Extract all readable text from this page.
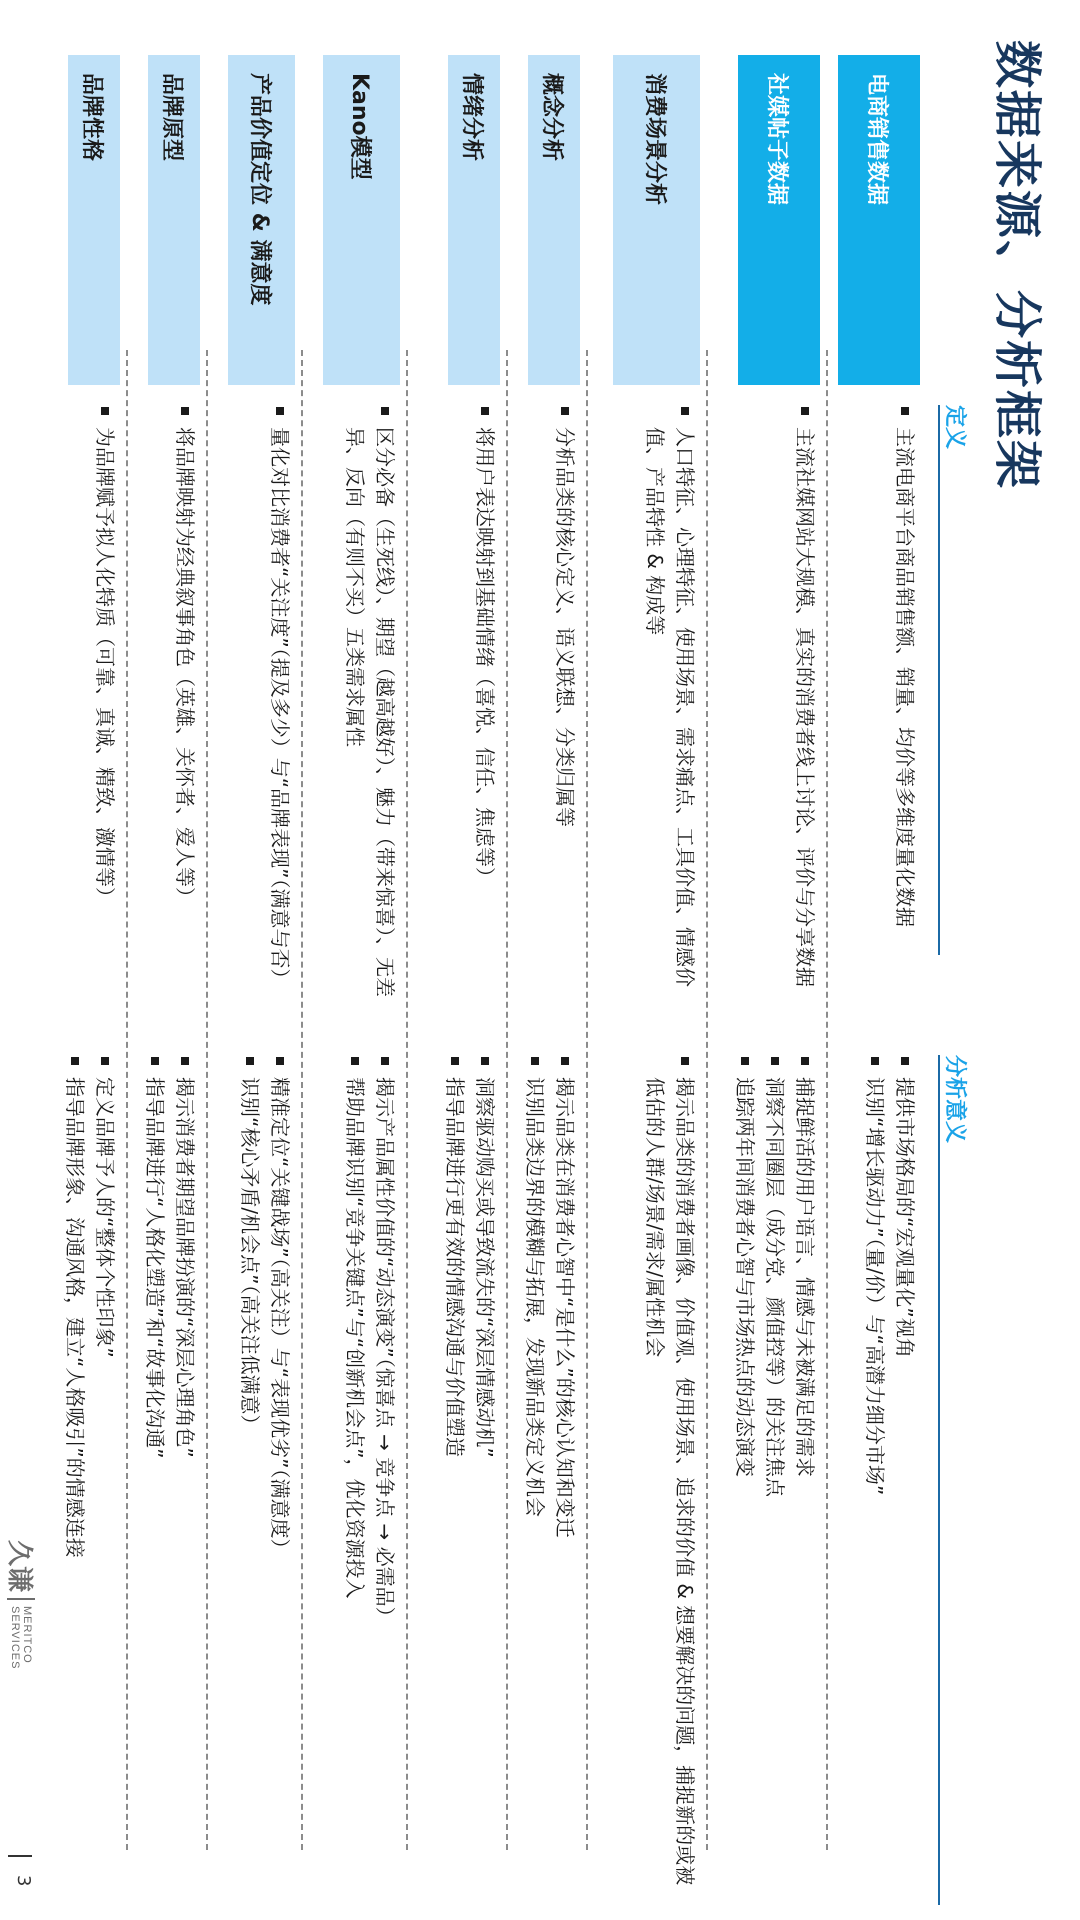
数据来源、分析框架
定义
分析意义
电商销售数据
主流电商平台商品销售额、销量、均价等多维度量化数据
提供市场格局的“宏观量化”视角
识别“增长驱动力”（量/价）与“高潜力细分市场”
社媒帖子数据
主流社媒网站大规模、真实的消费者线上讨论、评价与分享数据
捕捉鲜活的用户语言、情感与未被满足的需求
洞察不同圈层（成分党、颜值控等）的关注焦点
追踪两年间消费者心智与市场热点的动态演变
消费场景分析
人口特征、心理特征、使用场景、需求痛点、工具价值、情感价值、产品特性 & 构成等
揭示品类的消费者画像、价值观、使用场景、追求的价值 & 想要解决的问题，捕捉新的或被低估的人群/场景/需求/属性机会
概念分析
分析品类的核心定义、语义联想、分类归属等
揭示品类在消费者心智中“是什么”的核心认知和变迁
识别品类边界的模糊与拓展，发现新品类定义机会
情绪分析
将用户表达映射到基础情绪（喜悦、信任、焦虑等）
洞察驱动购买或导致流失的“深层情感动机”
指导品牌进行更有效的情感沟通与价值塑造
Kano模型
区分必备（生死线）、期望（越高越好）、魅力（带来惊喜）、无差异、反向（有则不买）五类需求属性
揭示产品属性价值的“动态演变”（惊喜点 → 竞争点 → 必需品）
帮助品牌识别“竞争关键点”与“创新机会点”，优化资源投入
产品价值定位 & 满意度
量化对比消费者“关注度”（提及多少）与“品牌表现”（满意与否）
精准定位“关键战场”（高关注）与“表现优劣”（满意度）
识别“核心矛盾/机会点”（高关注低满意）
品牌原型
将品牌映射为经典叙事角色（英雄、关怀者、爱人等）
揭示消费者期望品牌扮演的“深层心理角色”
指导品牌进行“人格化塑造”和“故事化沟通”
品牌性格
为品牌赋予拟人化特质（可靠、真诚、精致、激情等）
定义品牌予人的“整体个性印象”
指导品牌形象、沟通风格，建立“人格吸引”的情感连接
久谦
MERITCO
SERVICES
3
